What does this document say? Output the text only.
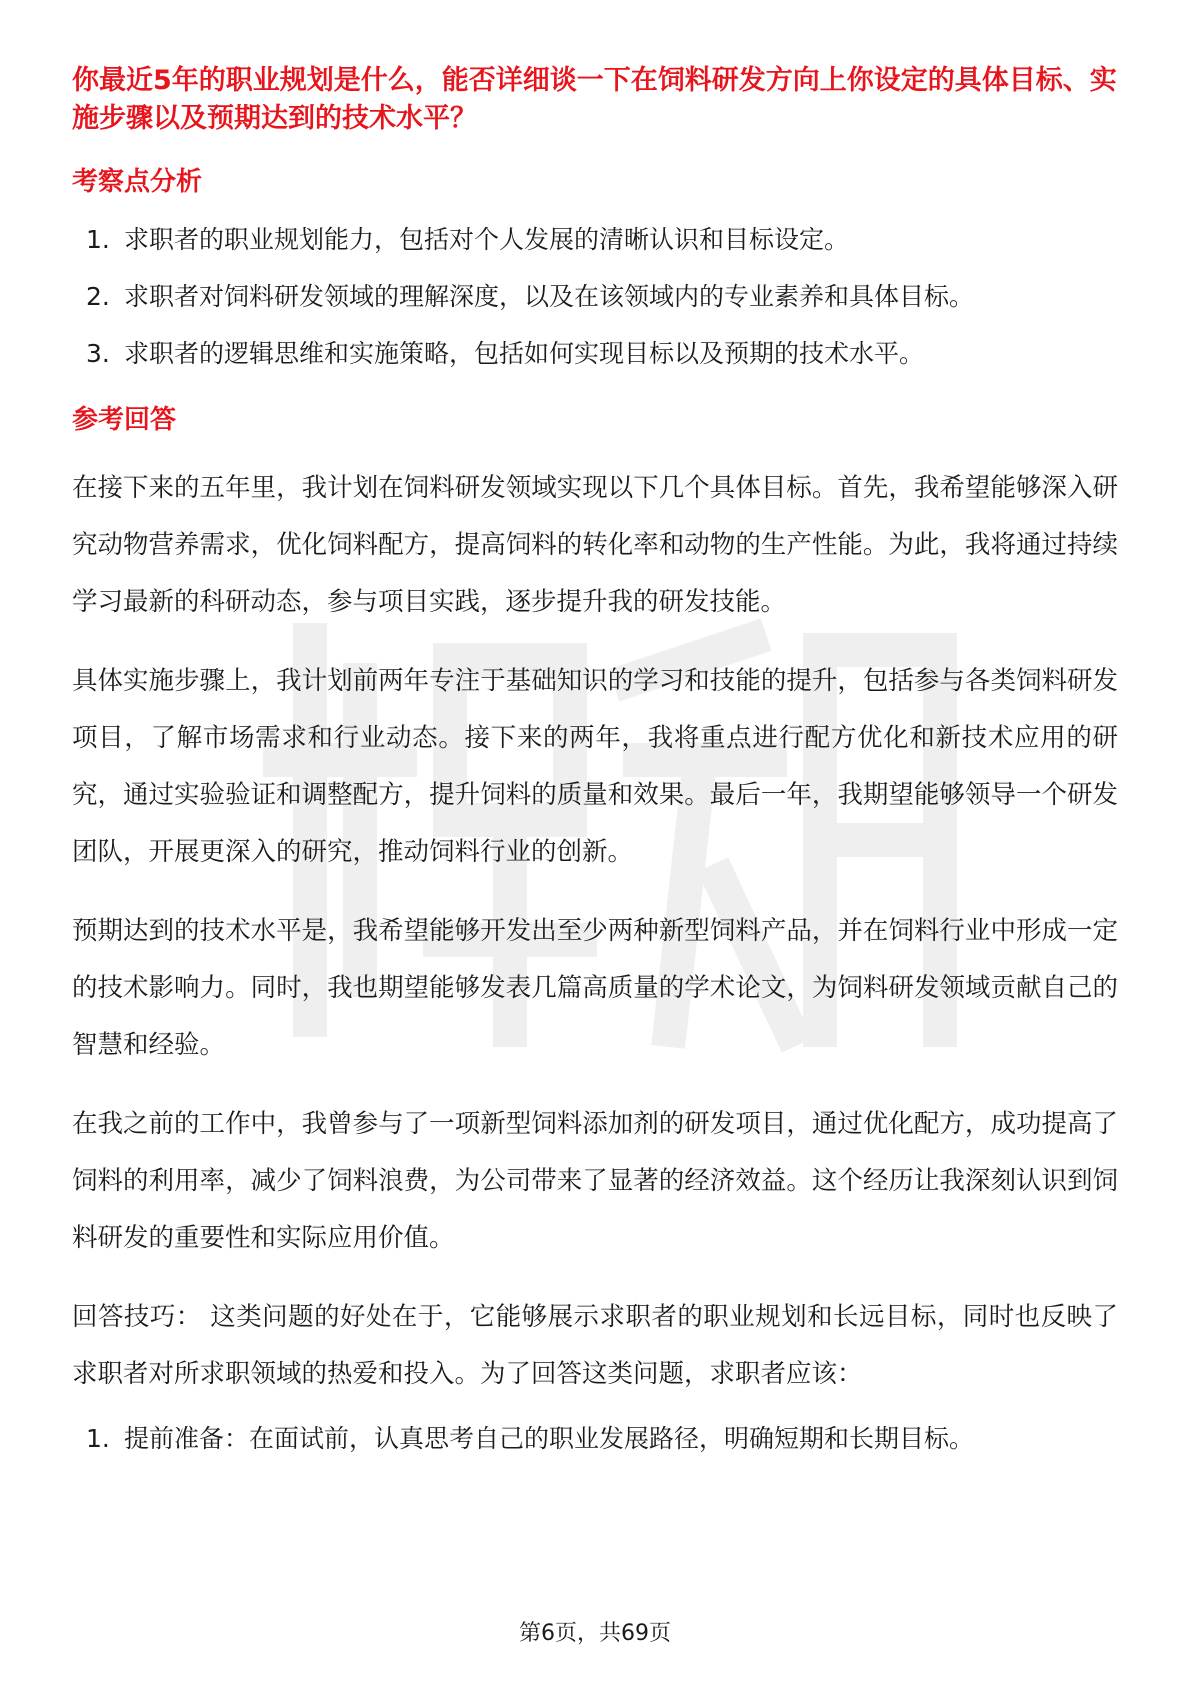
你最近5年的职业规划是什么，能否详细谈一下在饲料研发方向上你设定的具体目标、实施步骤以及预期达到的技术水平？

考察点分析
1. 求职者的职业规划能力，包括对个人发展的清晰认识和目标设定。
2. 求职者对饲料研发领域的理解深度，以及在该领域内的专业素养和具体目标。
3. 求职者的逻辑思维和实施策略，包括如何实现目标以及预期的技术水平。
参考回答

在接下来的五年里，我计划在饲料研发领域实现以下几个具体目标。首先，我希望能够深入研究动物营养需求，优化饲料配方，提高饲料的转化率和动物的生产性能。为此，我将通过持续学习最新的科研动态，参与项目实践，逐步提升我的研发技能。

具体实施步骤上，我计划前两年专注于基础知识的学习和技能的提升，包括参与各类饲料研发项目，了解市场需求和行业动态。接下来的两年，我将重点进行配方优化和新技术应用的研究，通过实验验证和调整配方，提升饲料的质量和效果。最后一年，我期望能够领导一个研发团队，开展更深入的研究，推动饲料行业的创新。

预期达到的技术水平是，我希望能够开发出至少两种新型饲料产品，并在饲料行业中形成一定的技术影响力。同时，我也期望能够发表几篇高质量的学术论文，为饲料研发领域贡献自己的智慧和经验。

在我之前的工作中，我曾参与了一项新型饲料添加剂的研发项目，通过优化配方，成功提高了饲料的利用率，减少了饲料浪费，为公司带来了显著的经济效益。这个经历让我深刻认识到饲料研发的重要性和实际应用价值。

回答技巧： 这类问题的好处在于，它能够展示求职者的职业规划和长远目标，同时也反映了求职者对所求职领域的热爱和投入。为了回答这类问题，求职者应该：

1. 提前准备：在面试前，认真思考自己的职业发展路径，明确短期和长期目标。
第6页，共69页
